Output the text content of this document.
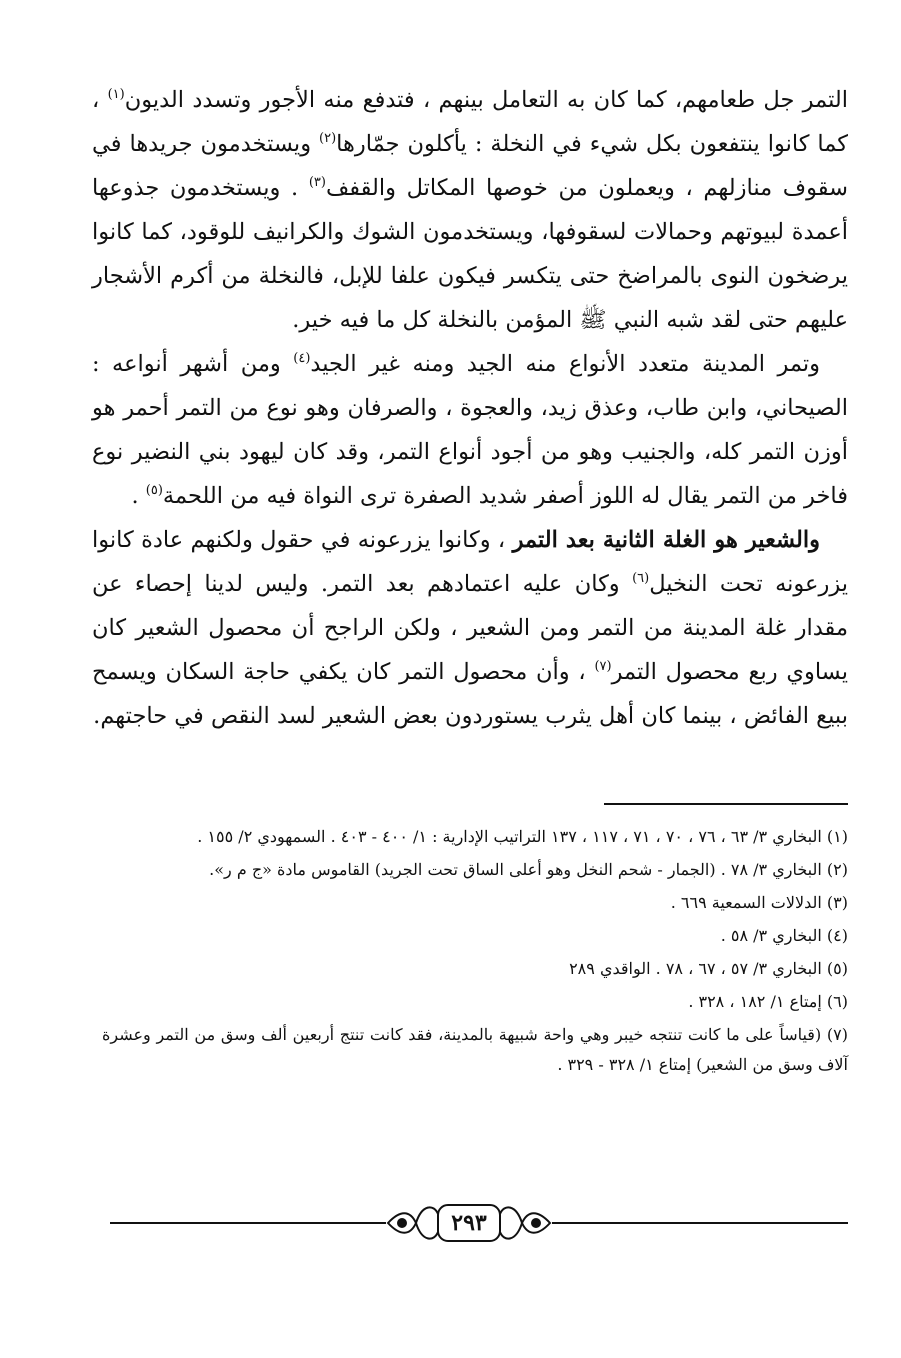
التمر جل طعامهم، كما كان به التعامل بينهم ، فتدفع منه الأجور وتسدد الديون$^{(١)}$ ، كما كانوا ينتفعون بكل شيء في النخلة : يأكلون جمّارها$^{(٢)}$ ويستخدمون جريدها في سقوف منازلهم ، ويعملون من خوصها المكاتل والقفف$^{(٣)}$ . ويستخدمون جذوعها أعمدة لبيوتهم وحمالات لسقوفها، ويستخدمون الشوك والكرانيف للوقود، كما كانوا يرضخون النوى بالمراضخ حتى يتكسر فيكون علفا للإبل، فالنخلة من أكرم الأشجار عليهم حتى لقد شبه النبي ﷺ المؤمن بالنخلة كل ما فيه خير.

وتمر المدينة متعدد الأنواع منه الجيد ومنه غير الجيد$^{(٤)}$ ومن أشهر أنواعه : الصيحاني، وابن طاب، وعذق زيد، والعجوة ، والصرفان وهو نوع من التمر أحمر هو أوزن التمر كله، والجنيب وهو من أجود أنواع التمر، وقد كان ليهود بني النضير نوع فاخر من التمر يقال له اللوز أصفر شديد الصفرة ترى النواة فيه من اللحمة$^{(٥)}$ .

والشعير هو الغلة الثانية بعد التمر ، وكانوا يزرعونه في حقول ولكنهم عادة كانوا يزرعونه تحت النخيل$^{(٦)}$ وكان عليه اعتمادهم بعد التمر. وليس لدينا إحصاء عن مقدار غلة المدينة من التمر ومن الشعير ، ولكن الراجح أن محصول الشعير كان يساوي ربع محصول التمر$^{(٧)}$ ، وأن محصول التمر كان يكفي حاجة السكان ويسمح ببيع الفائض ، بينما كان أهل يثرب يستوردون بعض الشعير لسد النقص في حاجتهم.

(١) البخاري ٣/ ٦٣ ، ٧٦ ، ٧٠ ، ٧١ ، ١١٧ ، ١٣٧ التراتيب الإدارية : ١/ ٤٠٠ - ٤٠٣ . السمهودي ٢/ ١٥٥ .

(٢) البخاري ٣/ ٧٨ . (الجمار - شحم النخل وهو أعلى الساق تحت الجريد) القاموس مادة «ج م ر».

(٣) الدلالات السمعية ٦٦٩ .

(٤) البخاري ٣/ ٥٨ .

(٥) البخاري ٣/ ٥٧ ، ٦٧ ، ٧٨ . الواقدي ٢٨٩

(٦) إمتاع ١/ ١٨٢ ، ٣٢٨ .

(٧) (قياساً على ما كانت تنتجه خيبر وهي واحة شبيهة بالمدينة، فقد كانت تنتج أربعين ألف وسق من التمر وعشرة آلاف وسق من الشعير) إمتاع ١/ ٣٢٨ - ٣٢٩ .

٢٩٣
